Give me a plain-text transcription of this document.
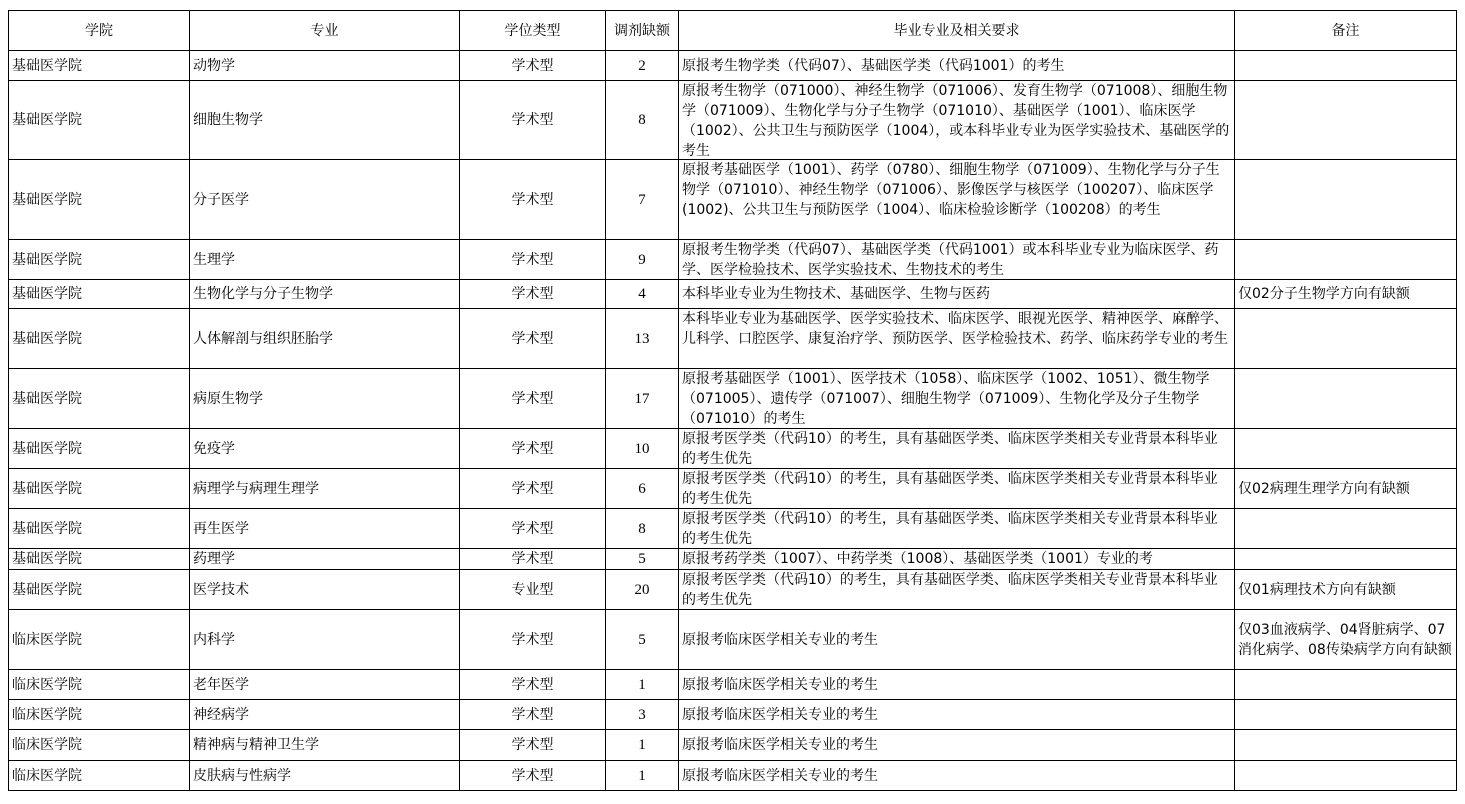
学院	专业	学位类型	调剂缺额	毕业专业及相关要求	备注
基础医学院	动物学	学术型	2	原报考生物学类（代码07）、基础医学类（代码1001）的考生	

基础医学院	细胞生物学	学术型	8	原报考生物学（071000）、神经生物学（071006）、发育生物学（071008）、细胞生物学（071009）、生物化学与分子生物学（071010）、基础医学（1001）、临床医学（1002）、公共卫生与预防医学（1004），或本科毕业专业为医学实验技术、基础医学的考生	

基础医学院	分子医学	学术型	7	原报考基础医学（1001）、药学（0780）、细胞生物学（071009）、生物化学与分子生物学（071010）、神经生物学（071006）、影像医学与核医学（100207）、临床医学(1002)、公共卫生与预防医学（1004）、临床检验诊断学（100208）的考生	

基础医学院	生理学	学术型	9	原报考生物学类（代码07）、基础医学类（代码1001）或本科毕业专业为临床医学、药学、医学检验技术、医学实验技术、生物技术的考生	

基础医学院	生物化学与分子生物学	学术型	4	本科毕业专业为生物技术、基础医学、生物与医药	仅02分子生物学方向有缺额

基础医学院	人体解剖与组织胚胎学	学术型	13	本科毕业专业为基础医学、医学实验技术、临床医学、眼视光医学、精神医学、麻醉学、儿科学、口腔医学、康复治疗学、预防医学、医学检验技术、药学、临床药学专业的考生	

基础医学院	病原生物学	学术型	17	原报考基础医学（1001）、医学技术（1058）、临床医学（1002、1051）、微生物学（071005）、遗传学（071007）、细胞生物学（071009）、生物化学及分子生物学（071010）的考生	

基础医学院	免疫学	学术型	10	原报考医学类（代码10）的考生，具有基础医学类、临床医学类相关专业背景本科毕业的考生优先	

基础医学院	病理学与病理生理学	学术型	6	原报考医学类（代码10）的考生，具有基础医学类、临床医学类相关专业背景本科毕业的考生优先	仅02病理生理学方向有缺额

基础医学院	再生医学	学术型	8	原报考医学类（代码10）的考生，具有基础医学类、临床医学类相关专业背景本科毕业的考生优先	

基础医学院	药理学	学术型	5	原报考药学类（1007）、中药学类（1008）、基础医学类（1001）专业的考	

基础医学院	医学技术	专业型	20	原报考医学类（代码10）的考生，具有基础医学类、临床医学类相关专业背景本科毕业的考生优先	仅01病理技术方向有缺额

临床医学院	内科学	学术型	5	原报考临床医学相关专业的考生	仅03血液病学、04肾脏病学、07消化病学、08传染病学方向有缺额

临床医学院	老年医学	学术型	1	原报考临床医学相关专业的考生	

临床医学院	神经病学	学术型	3	原报考临床医学相关专业的考生	

临床医学院	精神病与精神卫生学	学术型	1	原报考临床医学相关专业的考生	

临床医学院	皮肤病与性病学	学术型	1	原报考临床医学相关专业的考生	
